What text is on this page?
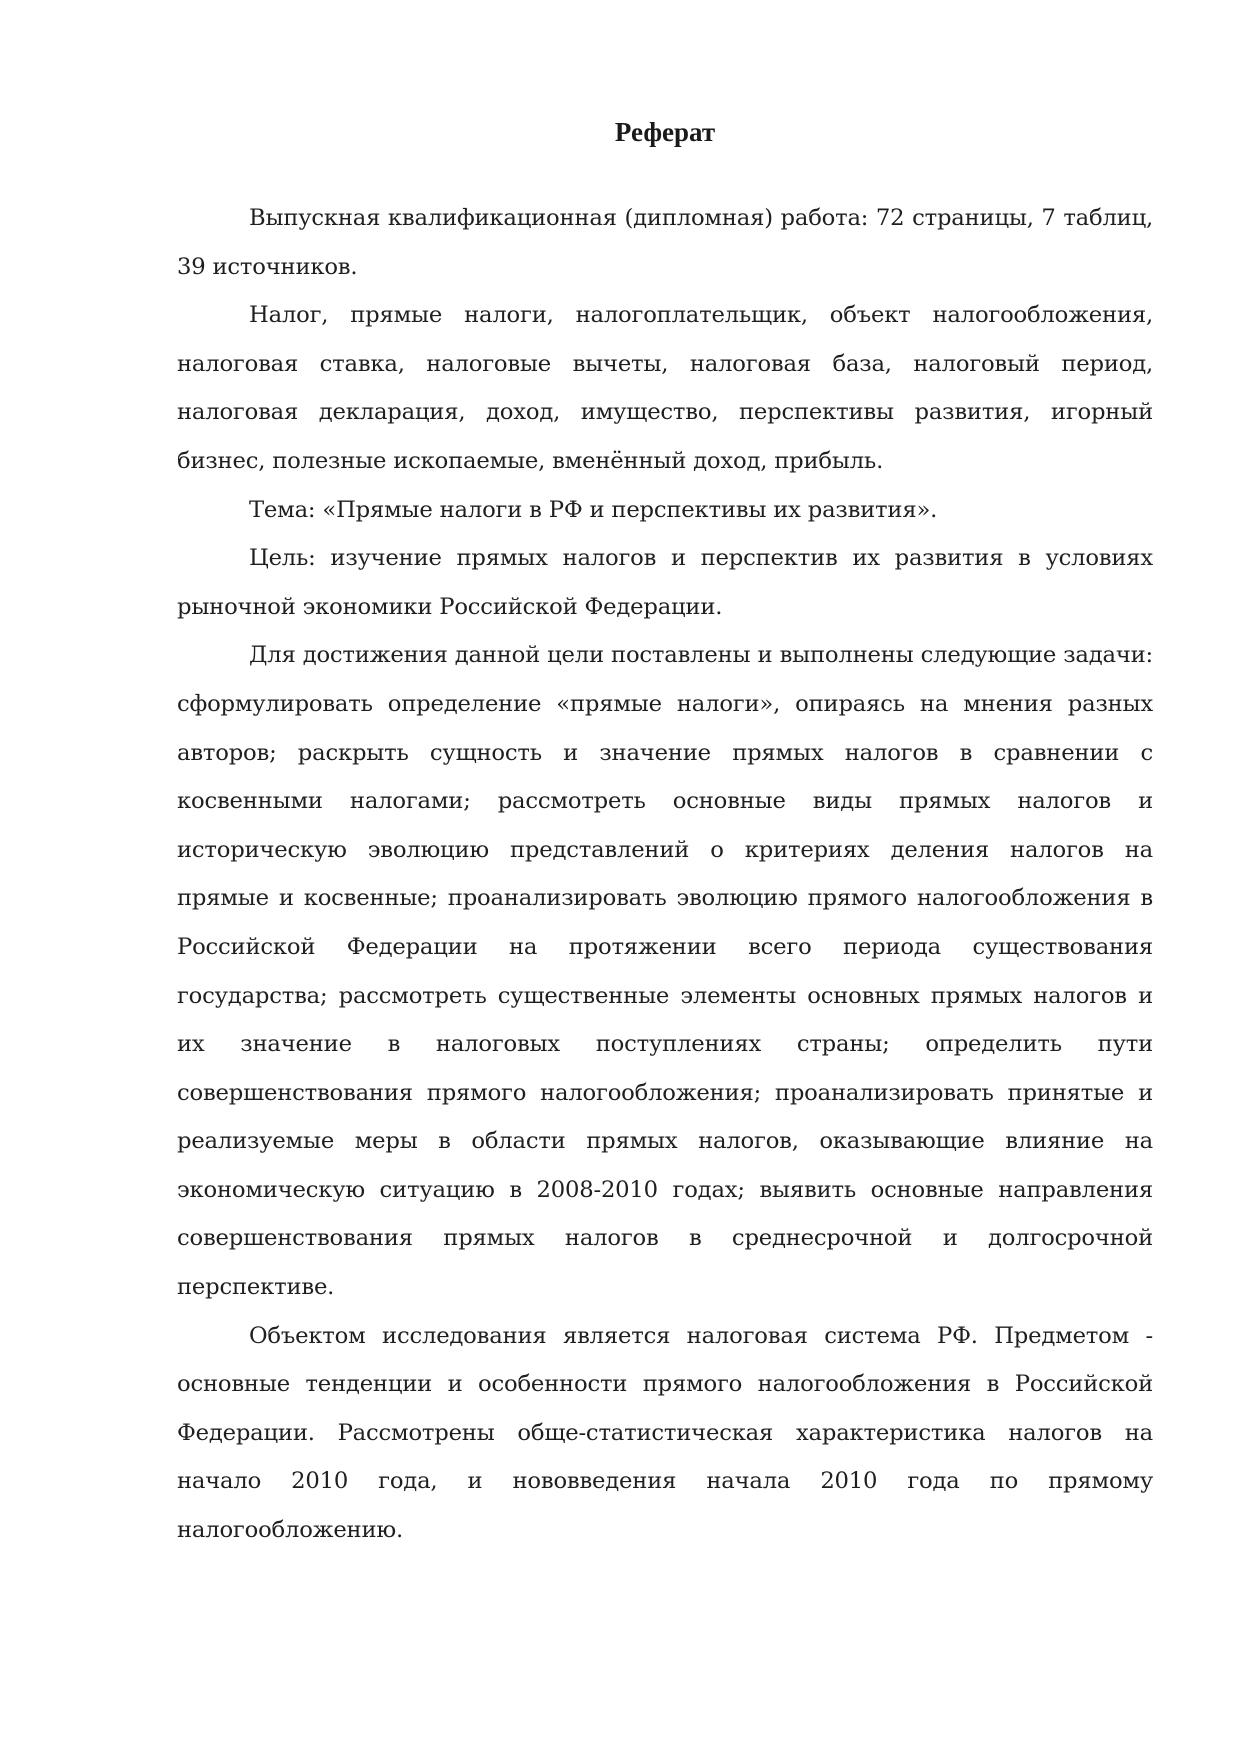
Реферат

Выпускная квалификационная (дипломная) работа: 72 страницы, 7 таблиц, 39 источников.

Налог, прямые налоги, налогоплательщик, объект налогообложения, налоговая ставка, налоговые вычеты, налоговая база, налоговый период, налоговая декларация, доход, имущество, перспективы развития, игорный бизнес, полезные ископаемые, вменённый доход, прибыль.

Тема: «Прямые налоги в РФ и перспективы их развития».

Цель: изучение прямых налогов и перспектив их развития в условиях рыночной экономики Российской Федерации.

Для достижения данной цели поставлены и выполнены следующие задачи: сформулировать определение «прямые налоги», опираясь на мнения разных авторов; раскрыть сущность и значение прямых налогов в сравнении с косвенными налогами; рассмотреть основные виды прямых налогов и историческую эволюцию представлений о критериях деления налогов на прямые и косвенные; проанализировать эволюцию прямого налогообложения в Российской Федерации на протяжении всего периода существования государства; рассмотреть существенные элементы основных прямых налогов и их значение в налоговых поступлениях страны; определить пути совершенствования прямого налогообложения; проанализировать принятые и реализуемые меры в области прямых налогов, оказывающие влияние на экономическую ситуацию в 2008-2010 годах; выявить основные направления совершенствования прямых налогов в среднесрочной и долгосрочной перспективе.

Объектом исследования является налоговая система РФ. Предметом - основные тенденции и особенности прямого налогообложения в Российской Федерации. Рассмотрены обще-статистическая характеристика налогов на начало 2010 года, и нововведения начала 2010 года по прямому налогообложению.
